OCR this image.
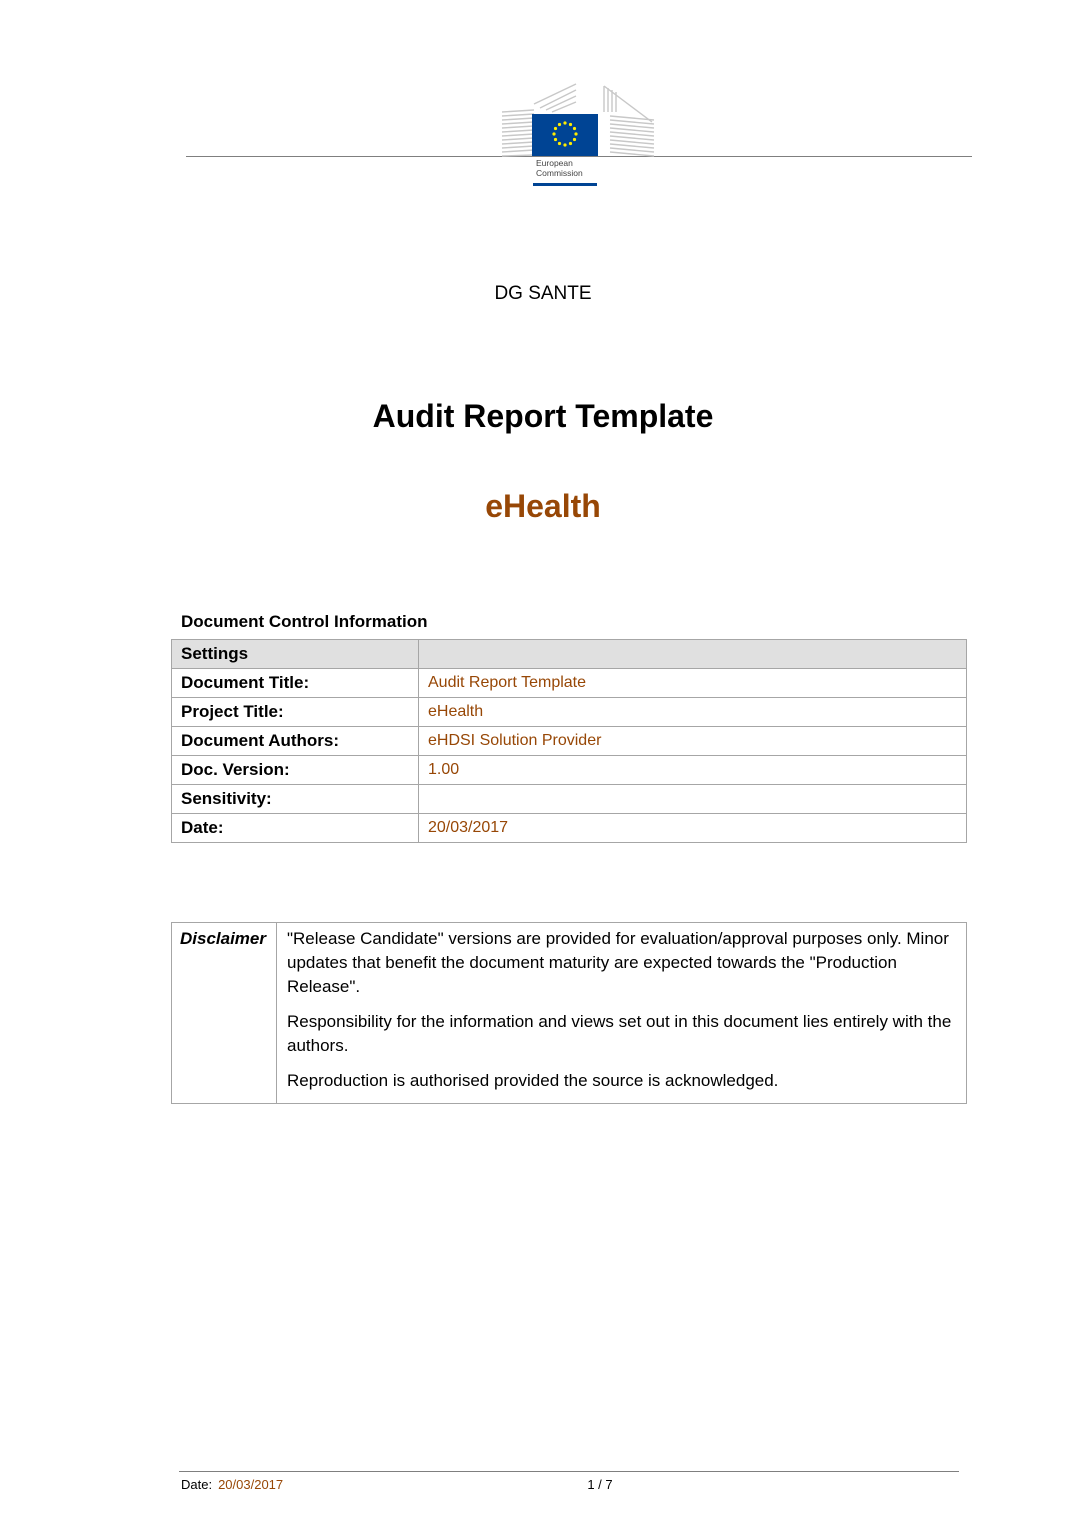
European
Commission
DG SANTE
Audit Report Template
eHealth
Document Control Information
Settings	
Document Title:	Audit Report Template
Project Title:	eHealth
Document Authors:	eHDSI Solution Provider
Doc. Version:	1.00
Sensitivity:	
Date:	20/03/2017
Disclaimer	"Release Candidate" versions are provided for evaluation/approval purposes only. Minor updates that benefit the document maturity are expected towards the "Production Release".

Responsibility for the information and views set out in this document lies entirely with the authors.

Reproduction is authorised provided the source is acknowledged.

Date: 20/03/2017	1 / 7
